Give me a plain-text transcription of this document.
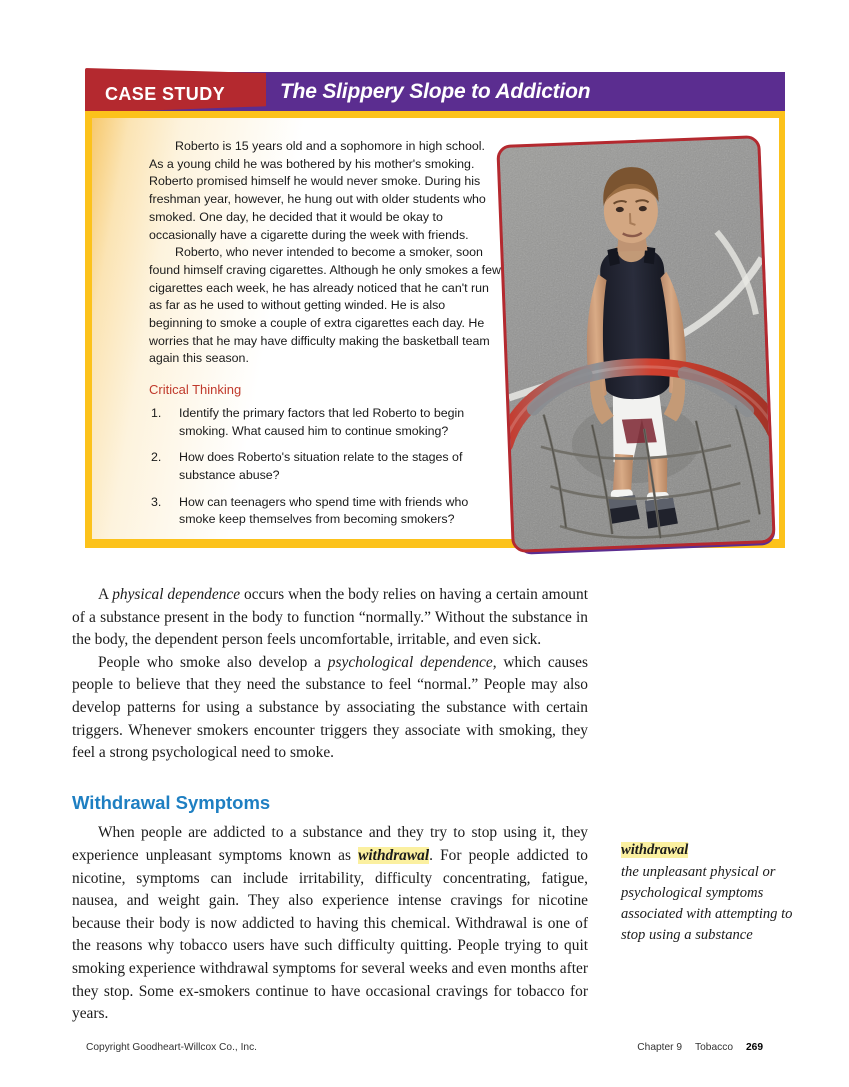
The Slippery Slope to Addiction
CASE STUDY

Roberto is 15 years old and a sophomore in high school. As a young child he was bothered by his mother's smoking. Roberto promised himself he would never smoke. During his freshman year, however, he hung out with older students who smoked. One day, he decided that it would be okay to occasionally have a cigarette during the week with friends.

Roberto, who never intended to become a smoker, soon found himself craving cigarettes. Although he only smokes a few cigarettes each week, he has already noticed that he can't run as far as he used to without getting winded. He is also beginning to smoke a couple of extra cigarettes each day. He worries that he may have difficulty making the basketball team again this season.

Critical Thinking
1. Identify the primary factors that led Roberto to begin smoking. What caused him to continue smoking?
2. How does Roberto's situation relate to the stages of substance abuse?
3. How can teenagers who spend time with friends who smoke keep themselves from becoming smokers?

A physical dependence occurs when the body relies on having a certain amount of a substance present in the body to function “normally.” Without the substance in the body, the dependent person feels uncomfortable, irritable, and even sick.

People who smoke also develop a psychological dependence, which causes people to believe that they need the substance to feel “normal.” People may also develop patterns for using a substance by associating the substance with certain triggers. Whenever smokers encounter triggers they associate with smoking, they feel a strong psychological need to smoke.

Withdrawal Symptoms

When people are addicted to a substance and they try to stop using it, they experience unpleasant symptoms known as withdrawal. For people addicted to nicotine, symptoms can include irritability, difficulty concentrating, fatigue, nausea, and weight gain. They also experience intense cravings for nicotine because their body is now addicted to having this chemical. Withdrawal is one of the reasons why tobacco users have such difficulty quitting. People trying to quit smoking experience withdrawal symptoms for several weeks and even months after they stop. Some ex-smokers continue to have occasional cravings for tobacco for years.

withdrawal
the unpleasant physical or psychological symptoms associated with attempting to stop using a substance
Copyright Goodheart-Willcox Co., Inc.	Chapter 9 Tobacco 269
